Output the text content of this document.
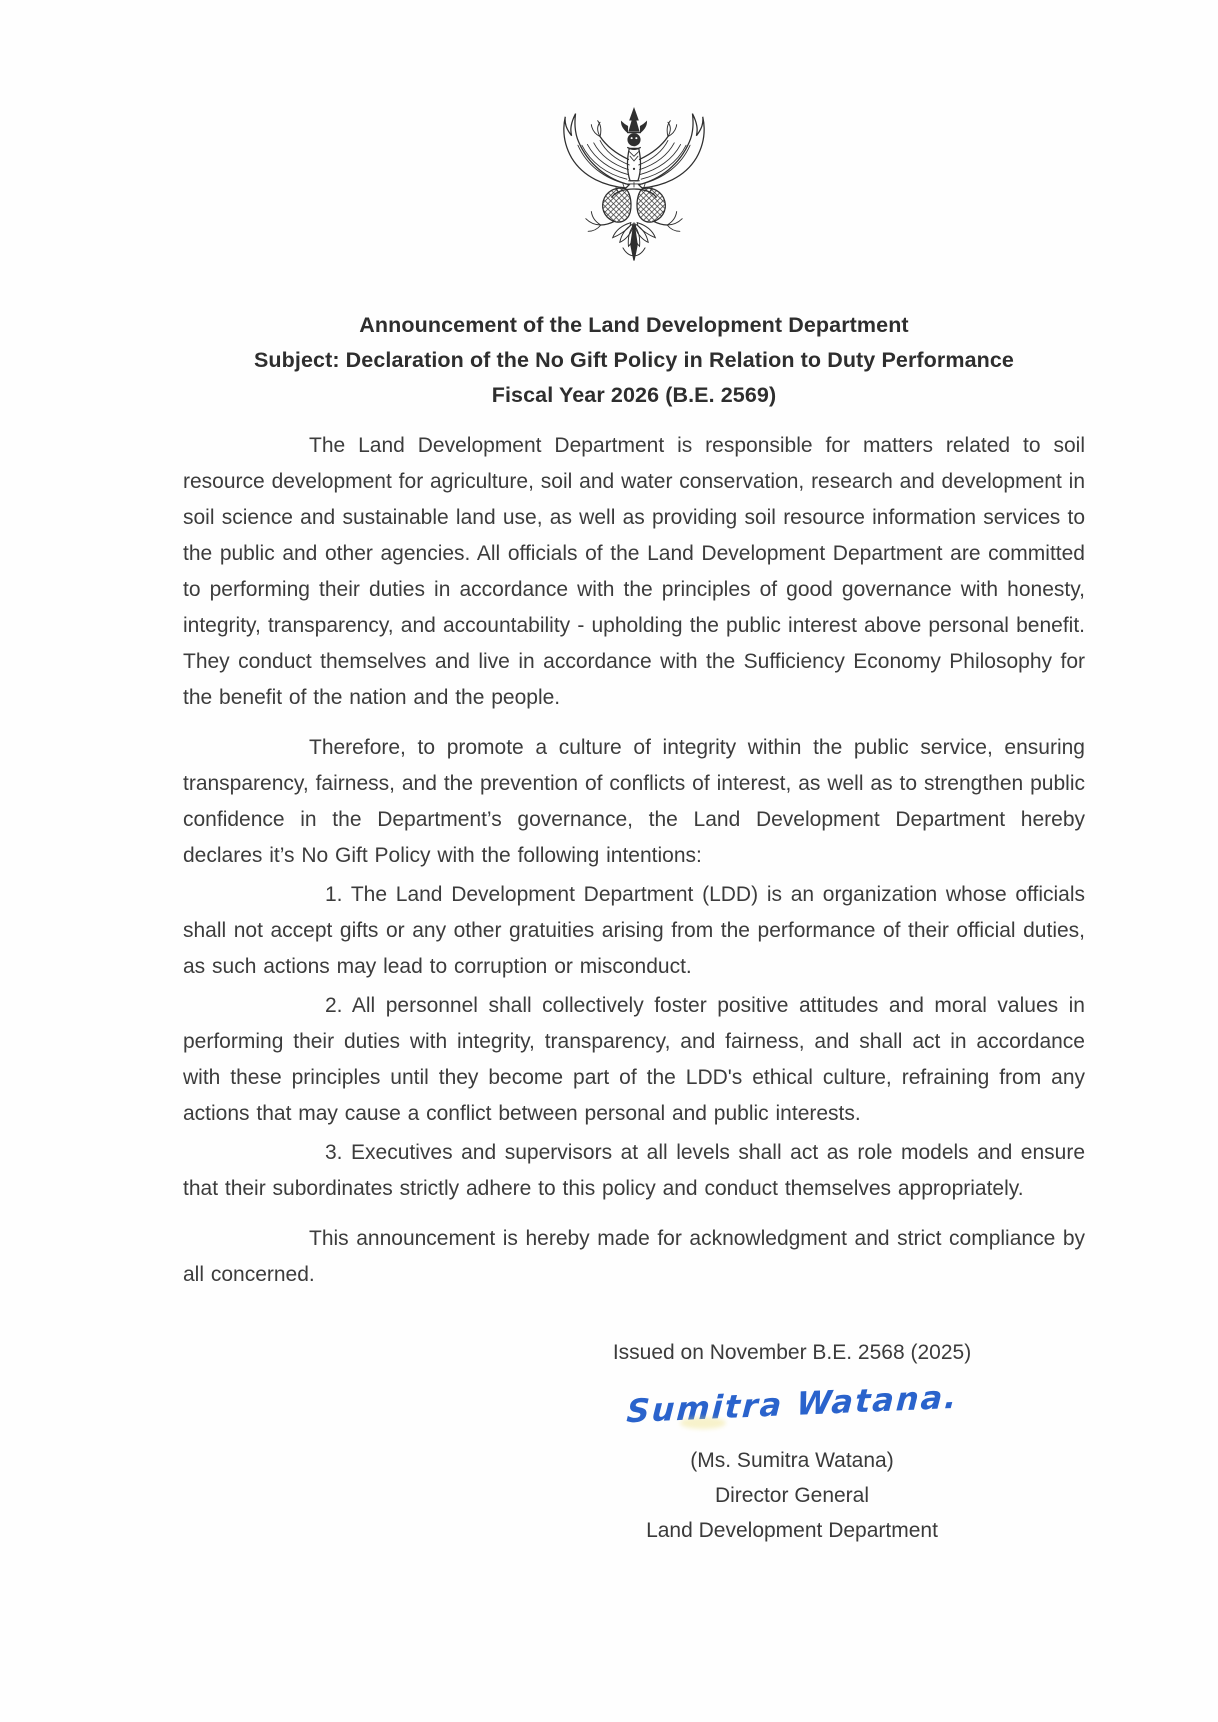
Announcement of the Land Development Department
Subject: Declaration of the No Gift Policy in Relation to Duty Performance
Fiscal Year 2026 (B.E. 2569)

The Land Development Department is responsible for matters related to soil resource development for agriculture, soil and water conservation, research and development in soil science and sustainable land use, as well as providing soil resource information services to the public and other agencies. All officials of the Land Development Department are committed to performing their duties in accordance with the principles of good governance with honesty, integrity, transparency, and accountability - upholding the public interest above personal benefit. They conduct themselves and live in accordance with the Sufficiency Economy Philosophy for the benefit of the nation and the people.

Therefore, to promote a culture of integrity within the public service, ensuring transparency, fairness, and the prevention of conflicts of interest, as well as to strengthen public confidence in the Department’s governance, the Land Development Department hereby declares it’s No Gift Policy with the following intentions:

1. The Land Development Department (LDD) is an organization whose officials shall not accept gifts or any other gratuities arising from the performance of their official duties, as such actions may lead to corruption or misconduct.

2. All personnel shall collectively foster positive attitudes and moral values in performing their duties with integrity, transparency, and fairness, and shall act in accordance with these principles until they become part of the LDD's ethical culture, refraining from any actions that may cause a conflict between personal and public interests.

3. Executives and supervisors at all levels shall act as role models and ensure that their subordinates strictly adhere to this policy and conduct themselves appropriately.

This announcement is hereby made for acknowledgment and strict compliance by all concerned.

Issued on November B.E. 2568 (2025)
Sumitra Watana.
(Ms. Sumitra Watana)
Director General
Land Development Department
